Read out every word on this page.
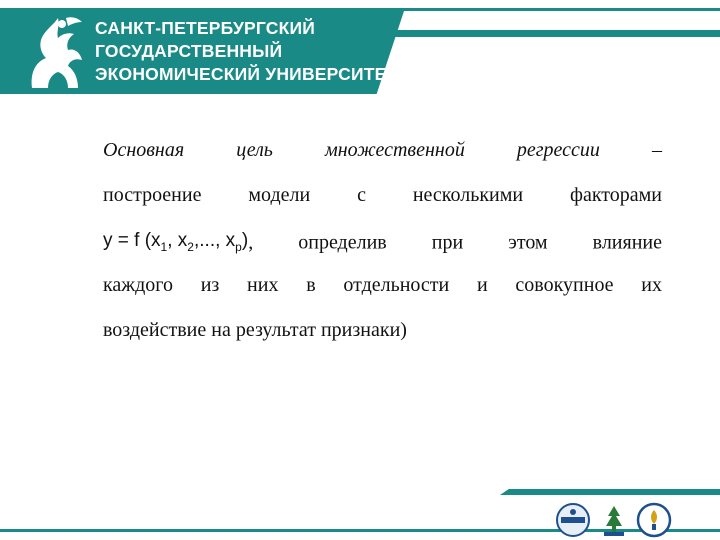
САНКТ-ПЕТЕРБУРГСКИЙ
ГОСУДАРСТВЕННЫЙ
ЭКОНОМИЧЕСКИЙ УНИВЕРСИТЕТ
Основная цель множественной регрессии –
построение модели с несколькими факторами
y = f ($x_1$, $x_2$,..., $x_p$), определив при этом влияние
каждого из них в отдельности и совокупное их
воздействие на результат признаки)
